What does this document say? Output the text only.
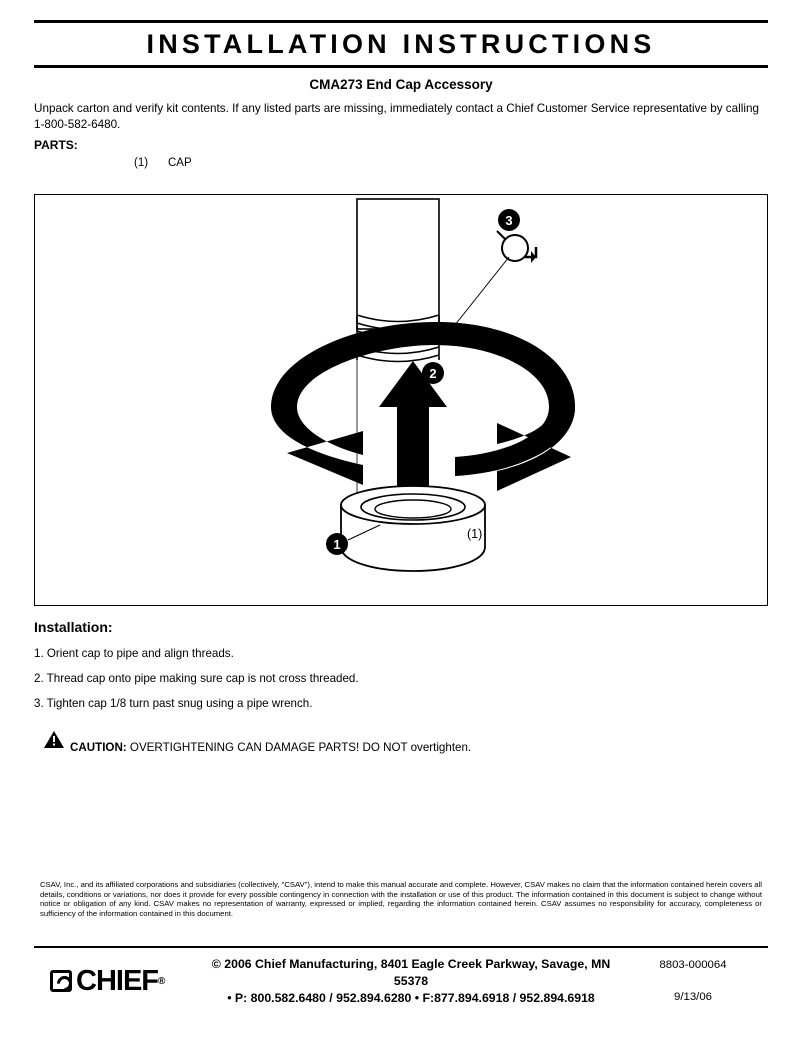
INSTALLATION INSTRUCTIONS
CMA273 End Cap Accessory
Unpack carton and verify kit contents. If any listed parts are missing, immediately contact a Chief Customer Service representative by calling 1-800-582-6480.
PARTS:
(1) CAP
1
2
3
(1)
Installation:
1. Orient cap to pipe and align threads.
2. Thread cap onto pipe making sure cap is not cross threaded.
3. Tighten cap 1/8 turn past snug using a pipe wrench.
CAUTION: OVERTIGHTENING CAN DAMAGE PARTS! DO NOT overtighten.
CSAV, Inc., and its affiliated corporations and subsidiaries (collectively, "CSAV"), intend to make this manual accurate and complete. However, CSAV makes no claim that the information contained herein covers all details, conditions or variations, nor does it provide for every possible contingency in connection with the installation or use of this product. The information contained in this document is subject to change without notice or obligation of any kind. CSAV makes no representation of warranty, expressed or implied, regarding the information contained herein. CSAV assumes no responsibility for accuracy, completeness or sufficiency of the information contained in this document.
CHIEF ®
© 2006 Chief Manufacturing, 8401 Eagle Creek Parkway, Savage, MN 55378
• P: 800.582.6480 / 952.894.6280 • F:877.894.6918 / 952.894.6918
8803-000064
9/13/06
